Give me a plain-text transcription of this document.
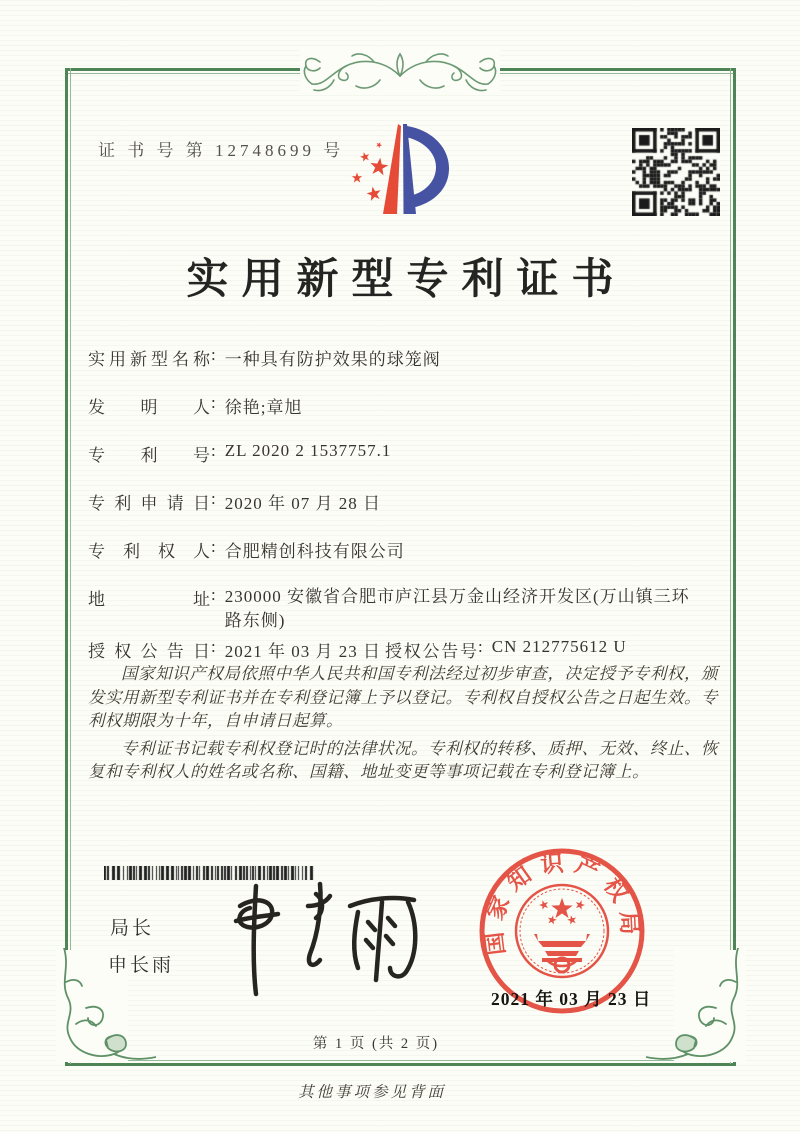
证 书 号 第 12748699 号
实用新型专利证书
实用新型名称 : 一种具有防护效果的球笼阀
发明人 : 徐艳;章旭
专利号 : ZL 2020 2 1537757.1
专利申请日 : 2020 年 07 月 28 日
专利权人 : 合肥精创科技有限公司
地址 : 230000 安徽省合肥市庐江县万金山经济开发区(万山镇三环路东侧)
授权公告日 : 2021 年 03 月 23 日 授权公告号 : CN 212775612 U

国家知识产权局依照中华人民共和国专利法经过初步审查，决定授予专利权，颁发实用新型专利证书并在专利登记簿上予以登记。专利权自授权公告之日起生效。专利权期限为十年，自申请日起算。

专利证书记载专利权登记时的法律状况。专利权的转移、质押、无效、终止、恢复和专利权人的姓名或名称、国籍、地址变更等事项记载在专利登记簿上。

局长
申长雨
国家知识产权局
2021 年 03 月 23 日
第 1 页 (共 2 页)
其他事项参见背面
